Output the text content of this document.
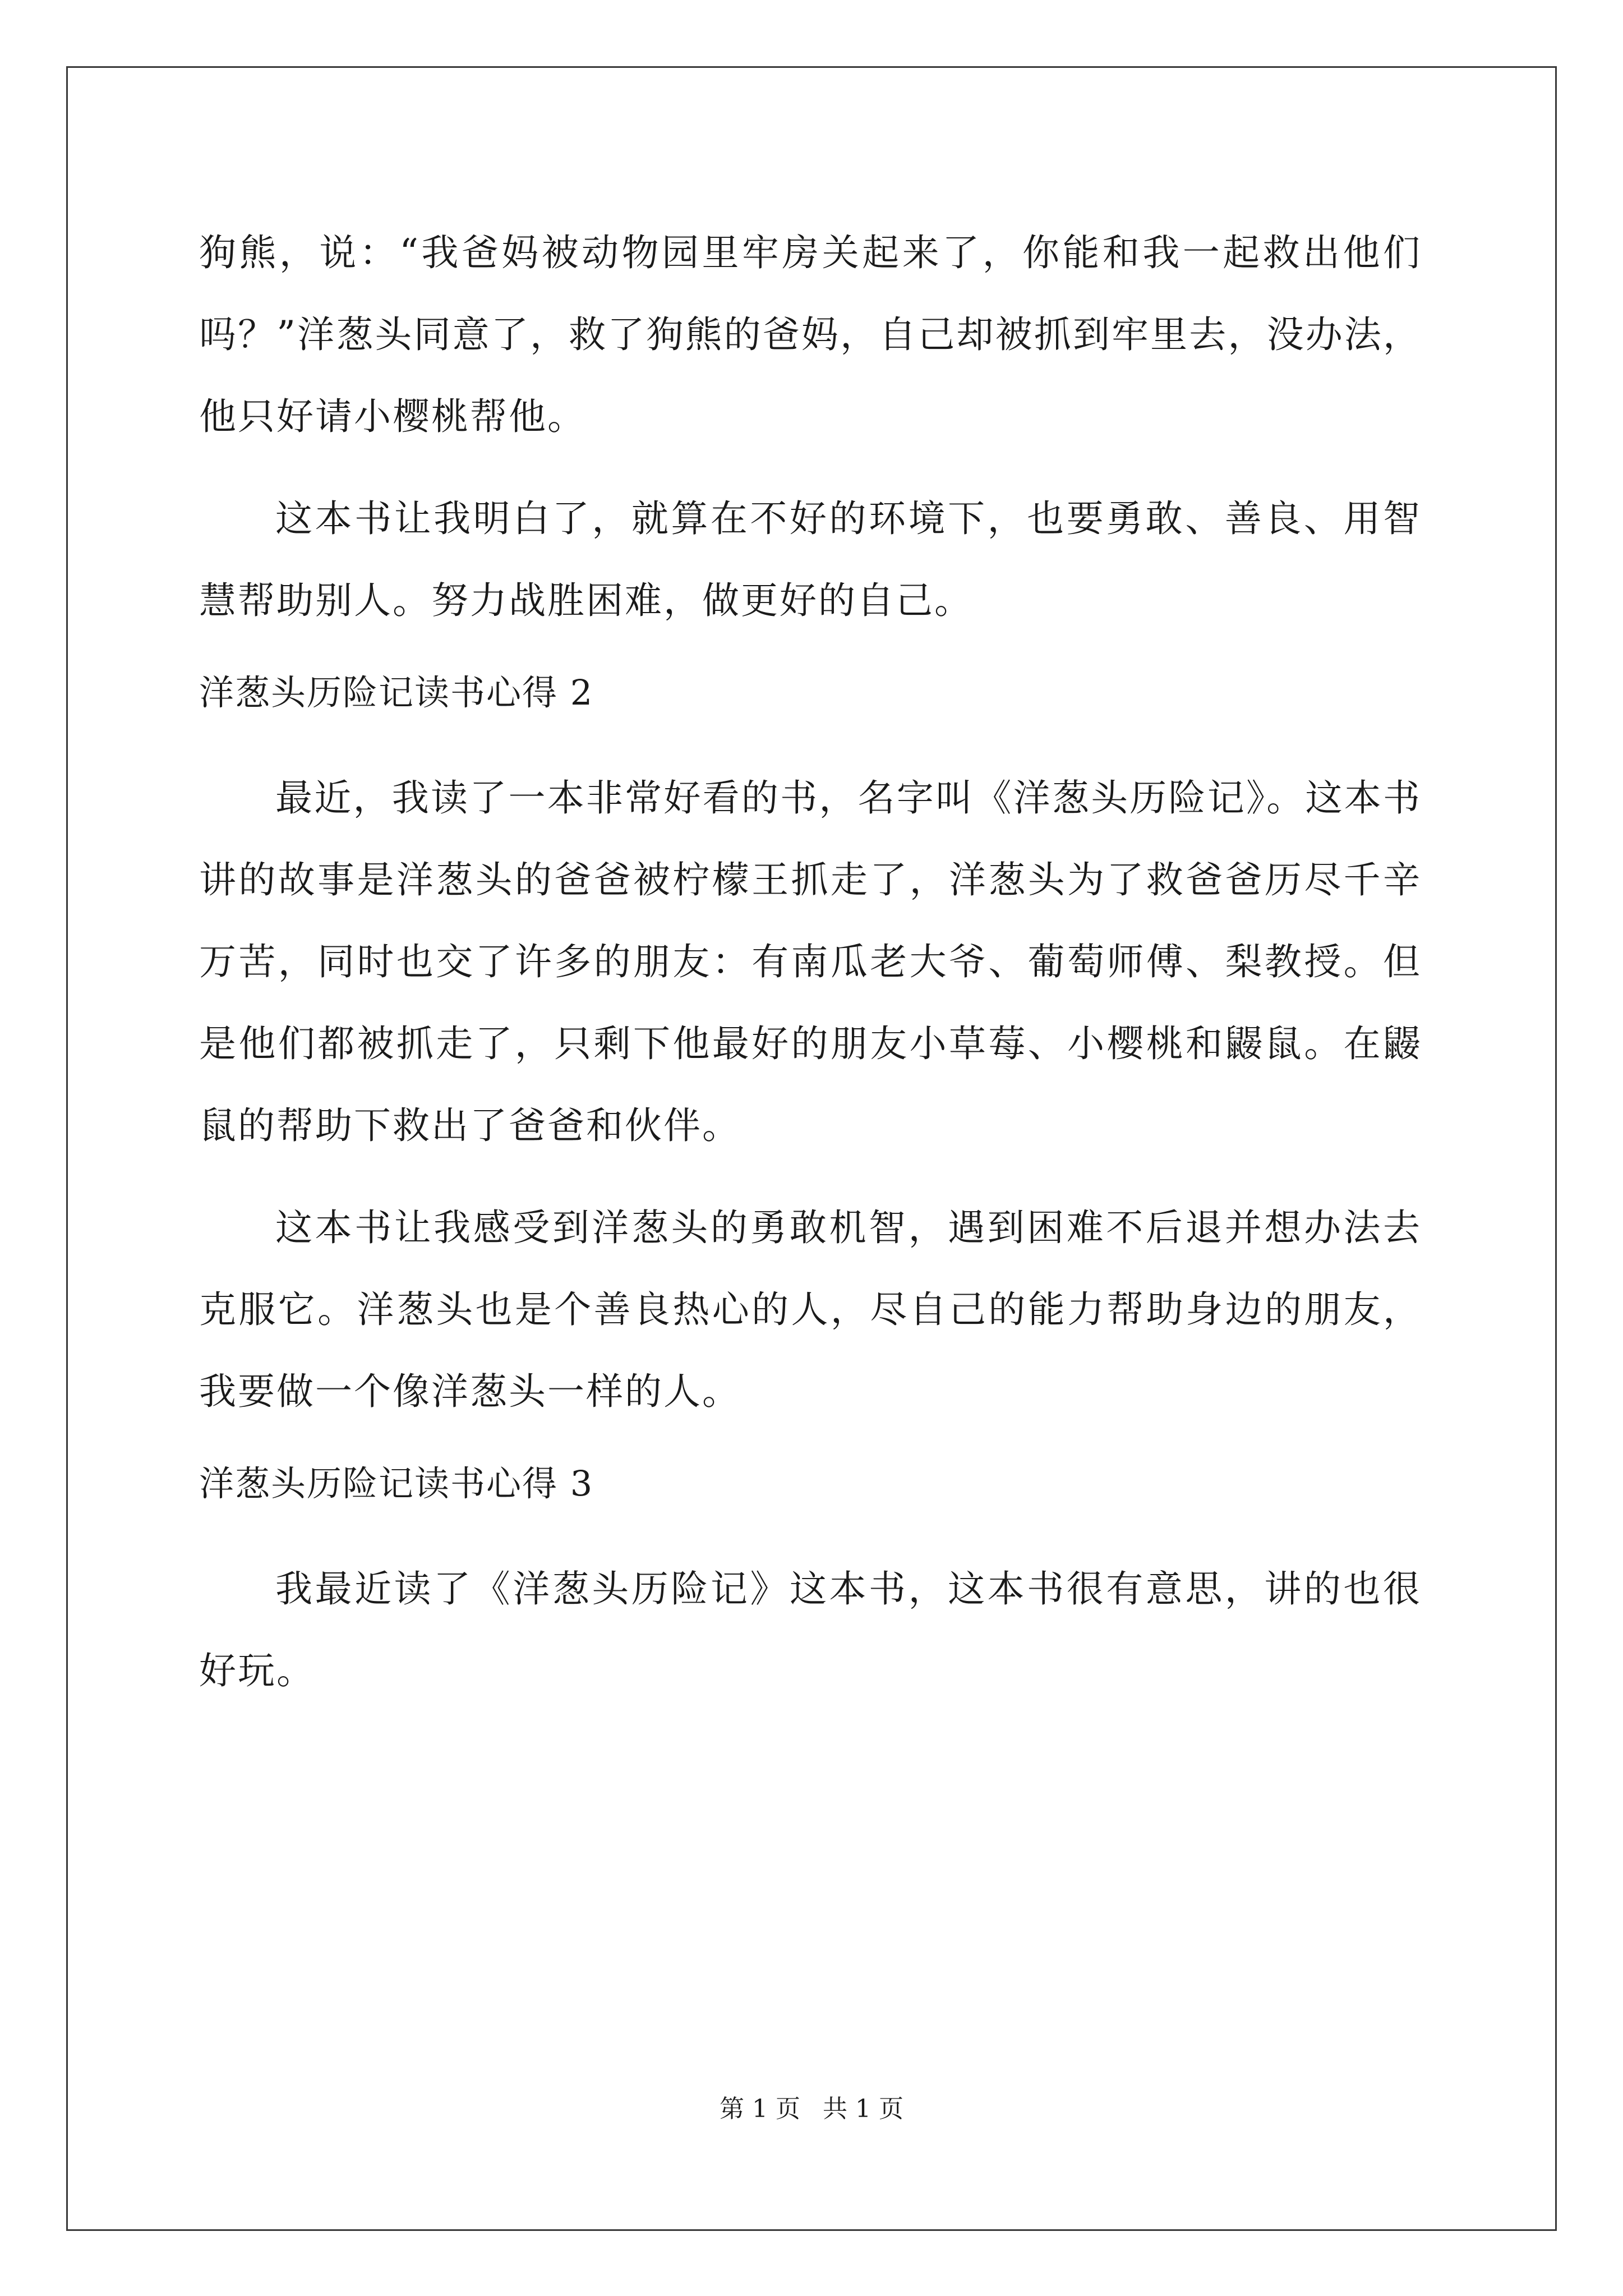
狗熊，说：“我爸妈被动物园里牢房关起来了，你能和我一起救出他们吗？”洋葱头同意了，救了狗熊的爸妈，自己却被抓到牢里去，没办法，他只好请小樱桃帮他。

这本书让我明白了，就算在不好的环境下，也要勇敢、善良、用智慧帮助别人。努力战胜困难，做更好的自己。

洋葱头历险记读书心得 2

最近，我读了一本非常好看的书，名字叫《洋葱头历险记》。这本书讲的故事是洋葱头的爸爸被柠檬王抓走了，洋葱头为了救爸爸历尽千辛万苦，同时也交了许多的朋友：有南瓜老大爷、葡萄师傅、梨教授。但是他们都被抓走了，只剩下他最好的朋友小草莓、小樱桃和鼹鼠。在鼹鼠的帮助下救出了爸爸和伙伴。

这本书让我感受到洋葱头的勇敢机智，遇到困难不后退并想办法去克服它。洋葱头也是个善良热心的人，尽自己的能力帮助身边的朋友，我要做一个像洋葱头一样的人。

洋葱头历险记读书心得 3

我最近读了《洋葱头历险记》这本书，这本书很有意思，讲的也很好玩。

第 1 页 共 1 页
